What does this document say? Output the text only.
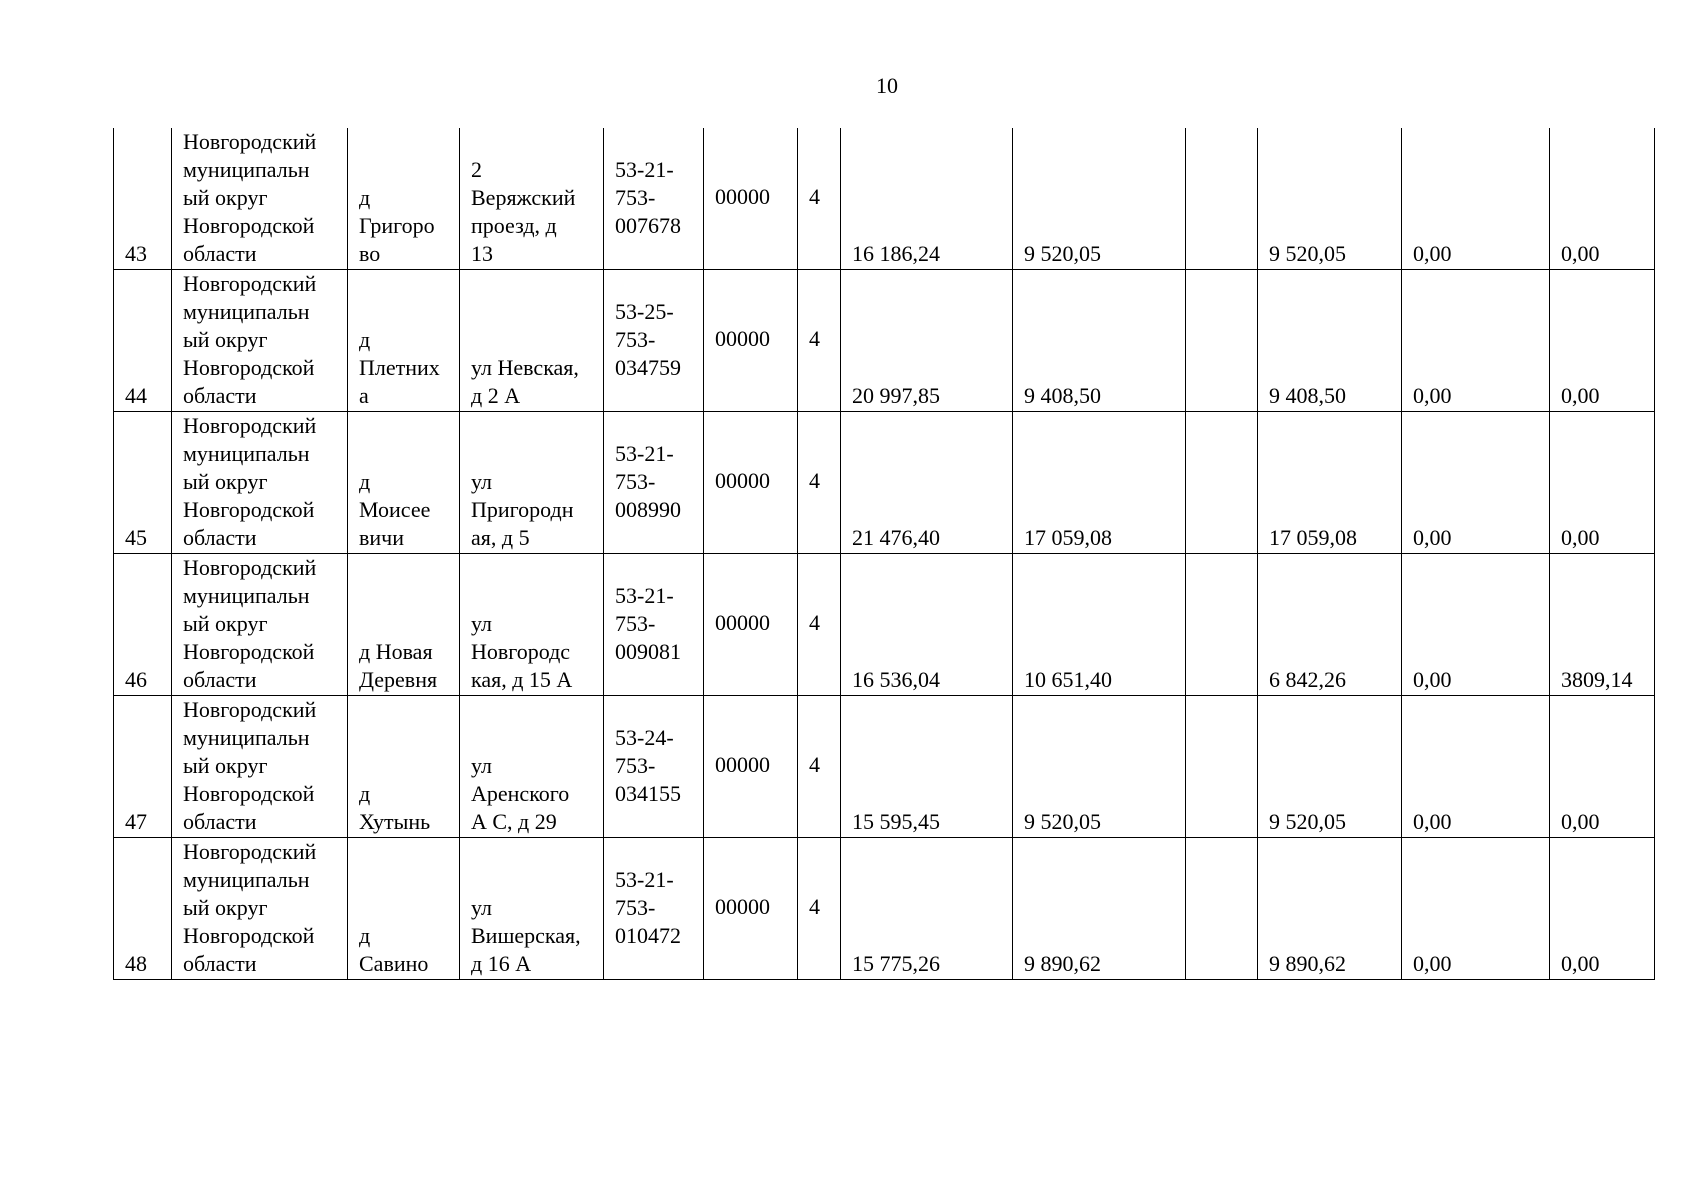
10
43	Новгородский
муниципальн
ый округ
Новгородской
области	д
Григоро
во	2
Веряжский
проезд, д
13	53-21-
753-
007678	00000	4	16 186,24	9 520,05		9 520,05	0,00	0,00
44	Новгородский
муниципальн
ый округ
Новгородской
области	д
Плетних
а	ул Невская,
д 2 А	53-25-
753-
034759	00000	4	20 997,85	9 408,50		9 408,50	0,00	0,00
45	Новгородский
муниципальн
ый округ
Новгородской
области	д
Моисее
вичи	ул
Пригородн
ая, д 5	53-21-
753-
008990	00000	4	21 476,40	17 059,08		17 059,08	0,00	0,00
46	Новгородский
муниципальн
ый округ
Новгородской
области	д Новая
Деревня	ул
Новгородс
кая, д 15 А	53-21-
753-
009081	00000	4	16 536,04	10 651,40		6 842,26	0,00	3809,14
47	Новгородский
муниципальн
ый округ
Новгородской
области	д
Хутынь	ул
Аренского
А С, д 29	53-24-
753-
034155	00000	4	15 595,45	9 520,05		9 520,05	0,00	0,00
48	Новгородский
муниципальн
ый округ
Новгородской
области	д
Савино	ул
Вишерская,
д 16 А	53-21-
753-
010472	00000	4	15 775,26	9 890,62		9 890,62	0,00	0,00
